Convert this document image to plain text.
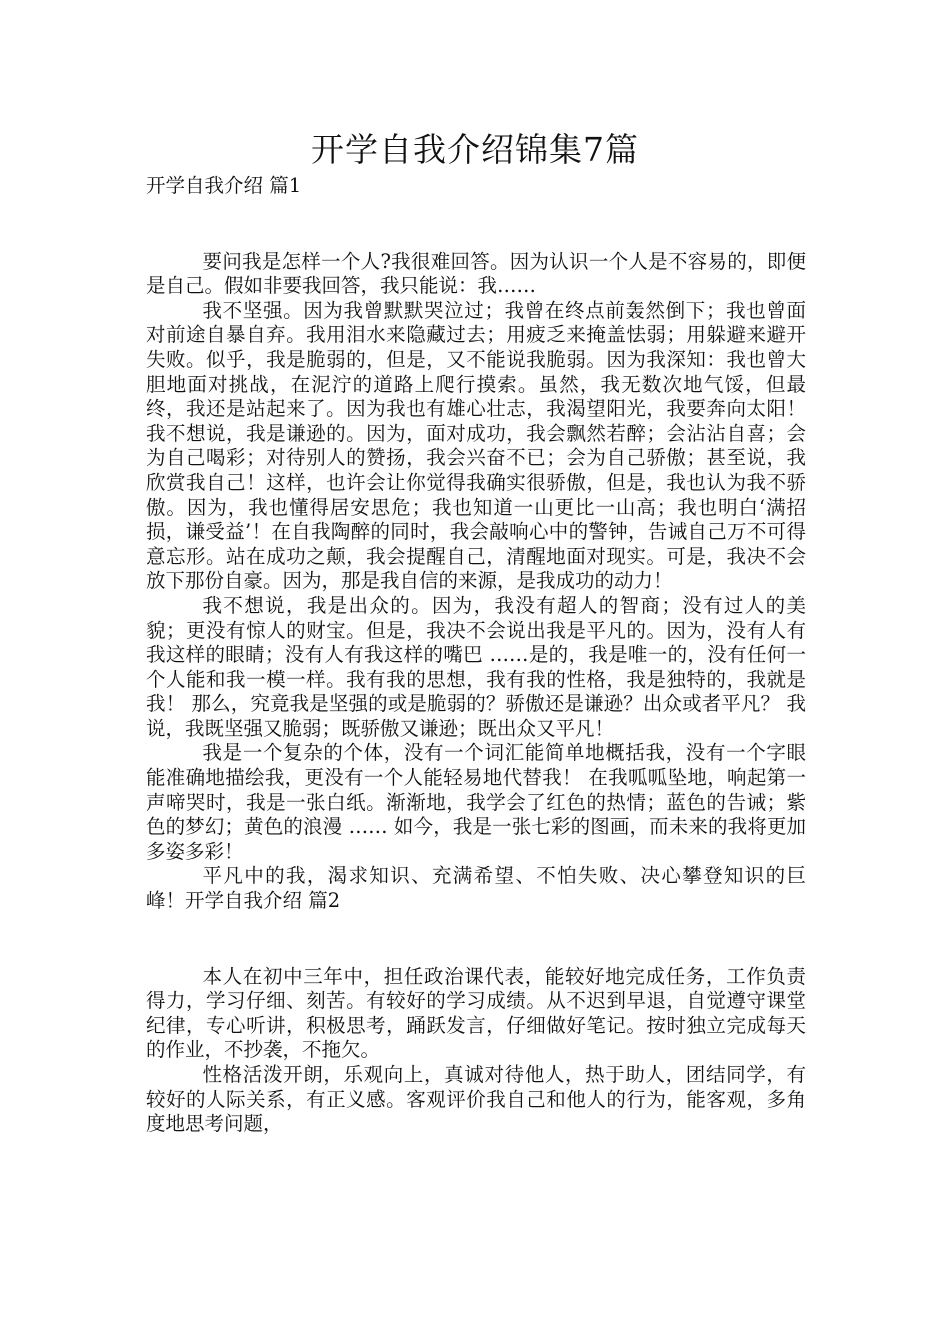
开学自我介绍锦集7篇

开学自我介绍 篇1

要问我是怎样一个人?我很难回答。因为认识一个人是不容易的，即便是自己。假如非要我回答，我只能说：我……

我不坚强。因为我曾默默哭泣过；我曾在终点前轰然倒下；我也曾面对前途自暴自弃。我用泪水来隐藏过去；用疲乏来掩盖怯弱；用躲避来避开失败。似乎，我是脆弱的，但是，又不能说我脆弱。因为我深知：我也曾大胆地面对挑战，在泥泞的道路上爬行摸索。虽然，我无数次地气馁，但最终，我还是站起来了。因为我也有雄心壮志，我渴望阳光，我要奔向太阳！我不想说，我是谦逊的。因为，面对成功，我会飘然若醉；会沾沾自喜；会为自己喝彩；对待别人的赞扬，我会兴奋不已；会为自己骄傲；甚至说，我欣赏我自己！这样，也许会让你觉得我确实很骄傲，但是，我也认为我不骄傲。因为，我也懂得居安思危；我也知道一山更比一山高；我也明白‘满招损，谦受益’！在自我陶醉的同时，我会敲响心中的警钟，告诫自己万不可得意忘形。站在成功之颠，我会提醒自己，清醒地面对现实。可是，我决不会放下那份自豪。因为，那是我自信的来源，是我成功的动力！

我不想说，我是出众的。因为，我没有超人的智商；没有过人的美貌；更没有惊人的财宝。但是，我决不会说出我是平凡的。因为，没有人有我这样的眼睛；没有人有我这样的嘴巴 ……是的，我是唯一的，没有任何一个人能和我一模一样。我有我的思想，我有我的性格，我是独特的，我就是我！ 那么，究竟我是坚强的或是脆弱的？骄傲还是谦逊？出众或者平凡？ 我说，我既坚强又脆弱；既骄傲又谦逊；既出众又平凡！

我是一个复杂的个体，没有一个词汇能简单地概括我，没有一个字眼能准确地描绘我，更没有一个人能轻易地代替我！ 在我呱呱坠地，响起第一声啼哭时，我是一张白纸。渐渐地，我学会了红色的热情；蓝色的告诫；紫色的梦幻；黄色的浪漫 …… 如今，我是一张七彩的图画，而未来的我将更加多姿多彩！

平凡中的我，渴求知识、充满希望、不怕失败、决心攀登知识的巨峰！开学自我介绍 篇2

本人在初中三年中，担任政治课代表，能较好地完成任务，工作负责得力，学习仔细、刻苦。有较好的学习成绩。从不迟到早退，自觉遵守课堂纪律，专心听讲，积极思考，踊跃发言，仔细做好笔记。按时独立完成每天的作业，不抄袭，不拖欠。

性格活泼开朗，乐观向上，真诚对待他人，热于助人，团结同学，有较好的人际关系，有正义感。客观评价我自己和他人的行为，能客观，多角度地思考问题，
